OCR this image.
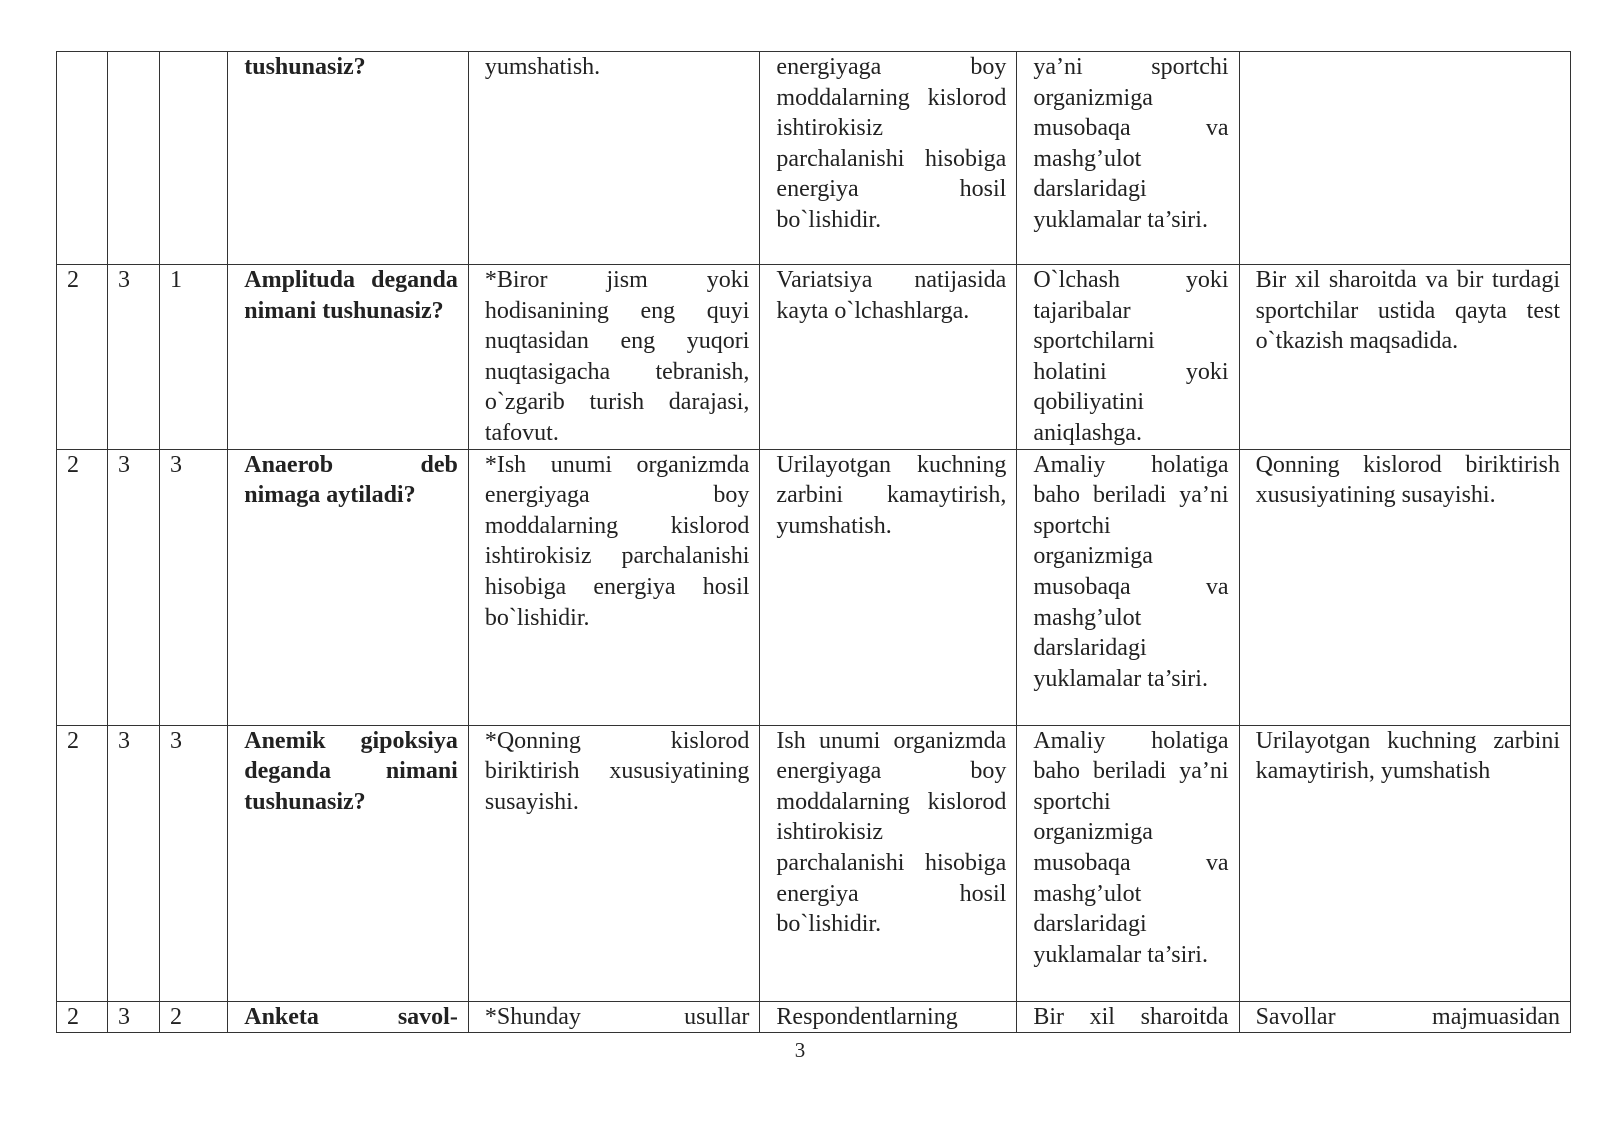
			tushunasiz?	yumshatish.	energiyaga boy moddalarning kislorod ishtirokisiz parchalanishi hisobiga energiya hosil bo`lishidir.	ya’ni sportchi organizmiga musobaqa va mashg’ulot darslaridagi yuklamalar ta’siri.	
2	3	1	Amplituda deganda nimani tushunasiz?	*Biror jism yoki hodisanining eng quyi nuqtasidan eng yuqori nuqtasigacha tebranish, o`zgarib turish darajasi, tafovut.	Variatsiya natijasida kayta o`lchashlarga.	O`lchash yoki tajaribalar sportchilarni holatini yoki qobiliyatini aniqlashga.	Bir xil sharoitda va bir turdagi sportchilar ustida qayta test o`tkazish maqsadida.
2	3	3	Anaerob deb nimaga aytiladi?	*Ish unumi organizmda energiyaga boy moddalarning kislorod ishtirokisiz parchalanishi hisobiga energiya hosil bo`lishidir.	Urilayotgan kuchning zarbini kamaytirish, yumshatish.	Amaliy holatiga baho beriladi ya’ni sportchi organizmiga musobaqa va mashg’ulot darslaridagi yuklamalar ta’siri.	Qonning kislorod biriktirish xususiyatining susayishi.
2	3	3	Anemik gipoksiya deganda nimani tushunasiz?	*Qonning kislorod biriktirish xususiyatining susayishi.	Ish unumi organizmda energiyaga boy moddalarning kislorod ishtirokisiz parchalanishi hisobiga energiya hosil bo`lishidir.	Amaliy holatiga baho beriladi ya’ni sportchi organizmiga musobaqa va mashg’ulot darslaridagi yuklamalar ta’siri.	Urilayotgan kuchning zarbini kamaytirish, yumshatish
2	3	2	Anketa savol-	*Shunday usullar	Respondentlarning	Bir xil sharoitda	Savollar majmuasidan
3
